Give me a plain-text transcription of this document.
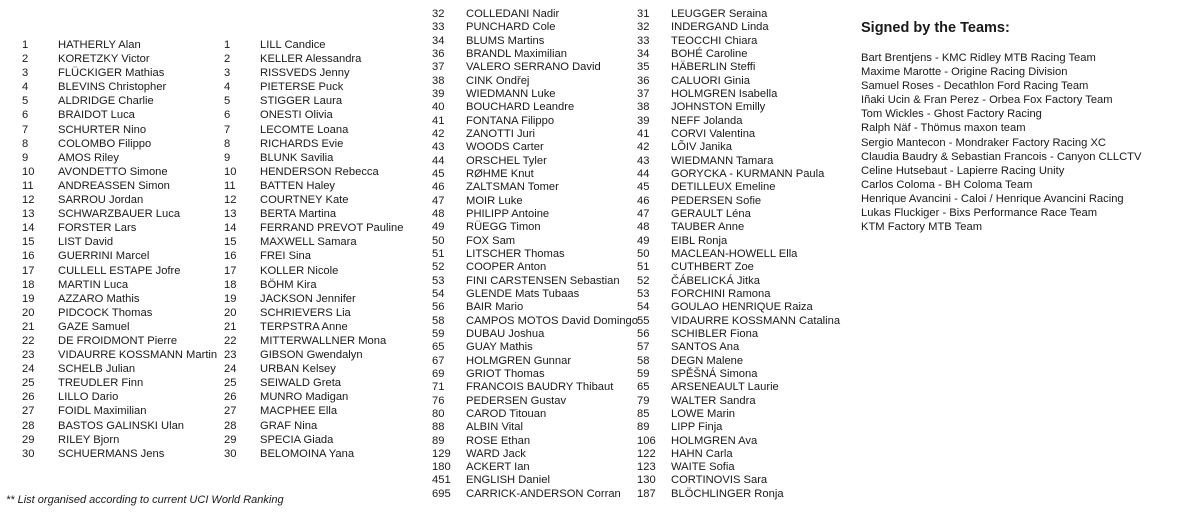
1	HATHERLY Alan
2	KORETZKY Victor
3	FLÜCKIGER Mathias
4	BLEVINS Christopher
5	ALDRIDGE Charlie
6	BRAIDOT Luca
7	SCHURTER Nino
8	COLOMBO Filippo
9	AMOS Riley
10	AVONDETTO Simone
11	ANDREASSEN Simon
12	SARROU Jordan
13	SCHWARZBAUER Luca
14	FORSTER Lars
15	LIST David
16	GUERRINI Marcel
17	CULLELL ESTAPE Jofre
18	MARTIN Luca
19	AZZARO Mathis
20	PIDCOCK Thomas
21	GAZE Samuel
22	DE FROIDMONT Pierre
23	VIDAURRE KOSSMANN Martin
24	SCHELB Julian
25	TREUDLER Finn
26	LILLO Dario
27	FOIDL Maximilian
28	BASTOS GALINSKI Ulan
29	RILEY Bjorn
30	SCHUERMANS Jens
1	LILL Candice
2	KELLER Alessandra
3	RISSVEDS Jenny
4	PIETERSE Puck
5	STIGGER Laura
6	ONESTI Olivia
7	LECOMTE Loana
8	RICHARDS Evie
9	BLUNK Savilia
10	HENDERSON Rebecca
11	BATTEN Haley
12	COURTNEY Kate
13	BERTA Martina
14	FERRAND PREVOT Pauline
15	MAXWELL Samara
16	FREI Sina
17	KOLLER Nicole
18	BÖHM Kira
19	JACKSON Jennifer
20	SCHRIEVERS Lia
21	TERPSTRA Anne
22	MITTERWALLNER Mona
23	GIBSON Gwendalyn
24	URBAN Kelsey
25	SEIWALD Greta
26	MUNRO Madigan
27	MACPHEE Ella
28	GRAF Nina
29	SPECIA Giada
30	BELOMOINA Yana
32	COLLEDANI Nadir
33	PUNCHARD Cole
34	BLUMS Martins
36	BRANDL Maximilian
37	VALERO SERRANO David
38	CINK Ondřej
39	WIEDMANN Luke
40	BOUCHARD Leandre
41	FONTANA Filippo
42	ZANOTTI Juri
43	WOODS Carter
44	ORSCHEL Tyler
45	RØHME Knut
46	ZALTSMAN Tomer
47	MOIR Luke
48	PHILIPP Antoine
49	RÜEGG Timon
50	FOX Sam
51	LITSCHER Thomas
52	COOPER Anton
53	FINI CARSTENSEN Sebastian
54	GLENDE Mats Tubaas
56	BAIR Mario
58	CAMPOS MOTOS David Domingo
59	DUBAU Joshua
65	GUAY Mathis
67	HOLMGREN Gunnar
69	GRIOT Thomas
71	FRANCOIS BAUDRY Thibaut
76	PEDERSEN Gustav
80	CAROD Titouan
88	ALBIN Vital
89	ROSE Ethan
129	WARD Jack
180	ACKERT Ian
451	ENGLISH Daniel
695	CARRICK-ANDERSON Corran
31	LEUGGER Seraina
32	INDERGAND Linda
33	TEOCCHI Chiara
34	BOHÉ Caroline
35	HÄBERLIN Steffi
36	CALUORI Ginia
37	HOLMGREN Isabella
38	JOHNSTON Emilly
39	NEFF Jolanda
41	CORVI Valentina
42	LÕIV Janika
43	WIEDMANN Tamara
44	GORYCKA - KURMANN Paula
45	DETILLEUX Emeline
46	PEDERSEN Sofie
47	GERAULT Léna
48	TAUBER Anne
49	EIBL Ronja
50	MACLEAN-HOWELL Ella
51	CUTHBERT Zoe
52	ČÁBELICKÁ Jitka
53	FORCHINI Ramona
54	GOULAO HENRIQUE Raiza
55	VIDAURRE KOSSMANN Catalina
56	SCHIBLER Fiona
57	SANTOS Ana
58	DEGN Malene
59	SPĚŠNÁ Simona
65	ARSENEAULT Laurie
79	WALTER Sandra
85	LOWE Marin
89	LIPP Finja
106	HOLMGREN Ava
122	HAHN Carla
123	WAITE Sofia
130	CORTINOVIS Sara
187	BLÖCHLINGER Ronja
Signed by the Teams:
Bart Brentjens - KMC Ridley MTB Racing Team
Maxime Marotte - Origine Racing Division
Samuel Roses - Decathlon Ford Racing Team
Iñaki Ucin & Fran Perez - Orbea Fox Factory Team
Tom Wickles - Ghost Factory Racing
Ralph Näf - Thömus maxon team
Sergio Mantecon - Mondraker Factory Racing XC
Claudia Baudry & Sebastian Francois - Canyon CLLCTV
Celine Hutsebaut - Lapierre Racing Unity
Carlos Coloma - BH Coloma Team
Henrique Avancini - Caloi / Henrique Avancini Racing
Lukas Fluckiger - Bixs Performance Race Team
KTM Factory MTB Team
** List organised according to current UCI World Ranking
